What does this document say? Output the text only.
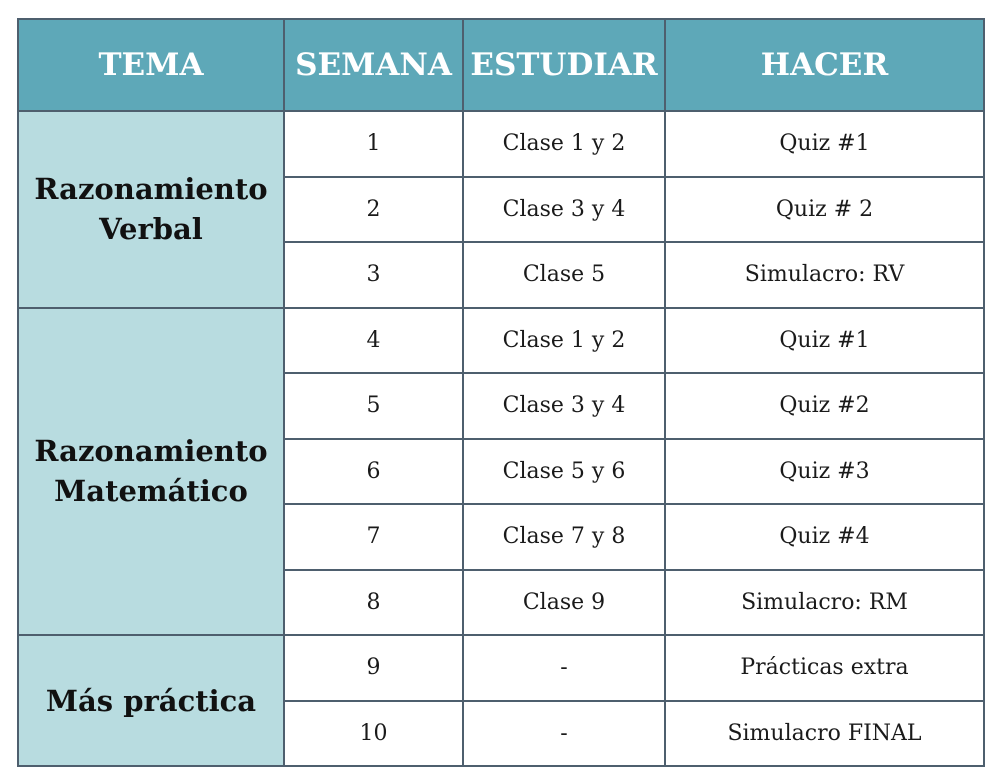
TEMA	SEMANA	ESTUDIAR	HACER

Razonamiento
Verbal	1	Clase 1 y 2	Quiz #1
	2	Clase 3 y 4	Quiz # 2
	3	Clase 5	Simulacro: RV

Razonamiento
Matemático	4	Clase 1 y 2	Quiz #1
	5	Clase 3 y 4	Quiz #2
	6	Clase 5 y 6	Quiz #3
	7	Clase 7 y 8	Quiz #4
	8	Clase 9	Simulacro: RM

Más práctica	9	-	Prácticas extra
	10	-	Simulacro FINAL
